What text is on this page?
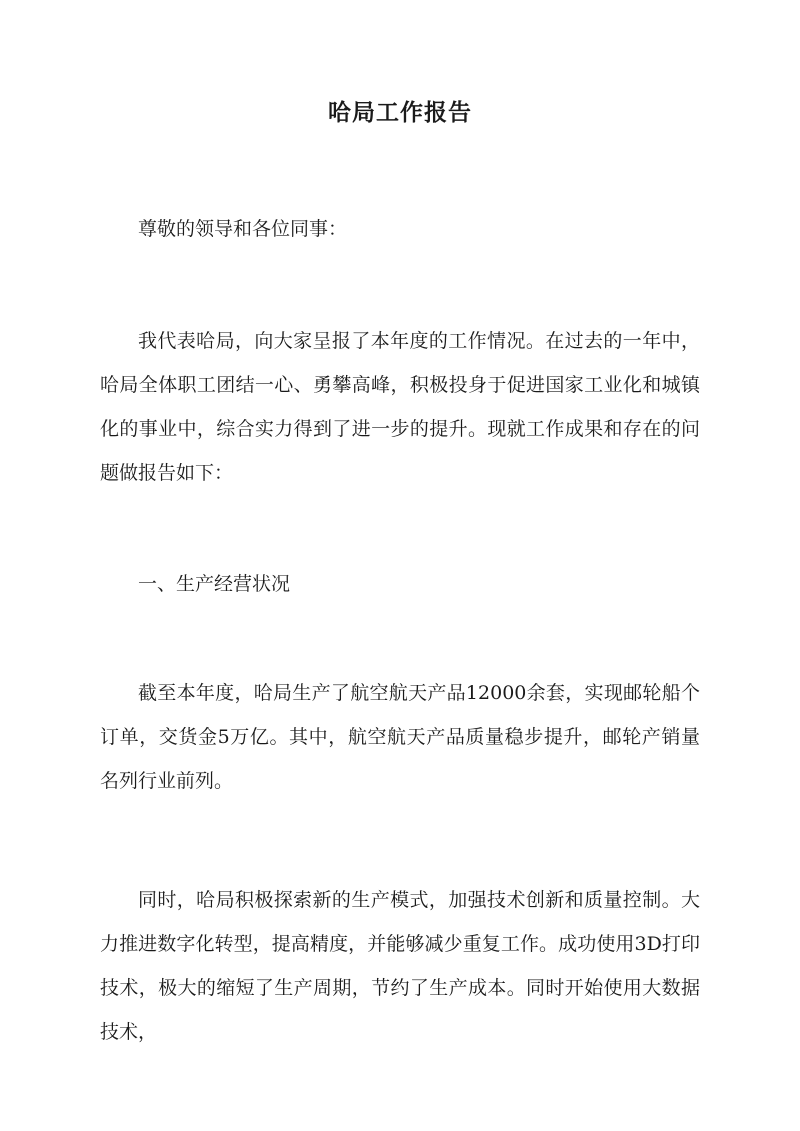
哈局工作报告

尊敬的领导和各位同事：

我代表哈局，向大家呈报了本年度的工作情况。在过去的一年中，哈局全体职工团结一心、勇攀高峰，积极投身于促进国家工业化和城镇化的事业中，综合实力得到了进一步的提升。现就工作成果和存在的问题做报告如下：

一、生产经营状况

截至本年度，哈局生产了航空航天产品12000余套，实现邮轮船个订单，交货金5万亿。其中，航空航天产品质量稳步提升，邮轮产销量名列行业前列。

同时，哈局积极探索新的生产模式，加强技术创新和质量控制。大力推进数字化转型，提高精度，并能够减少重复工作。成功使用3D打印技术，极大的缩短了生产周期，节约了生产成本。同时开始使用大数据技术，
